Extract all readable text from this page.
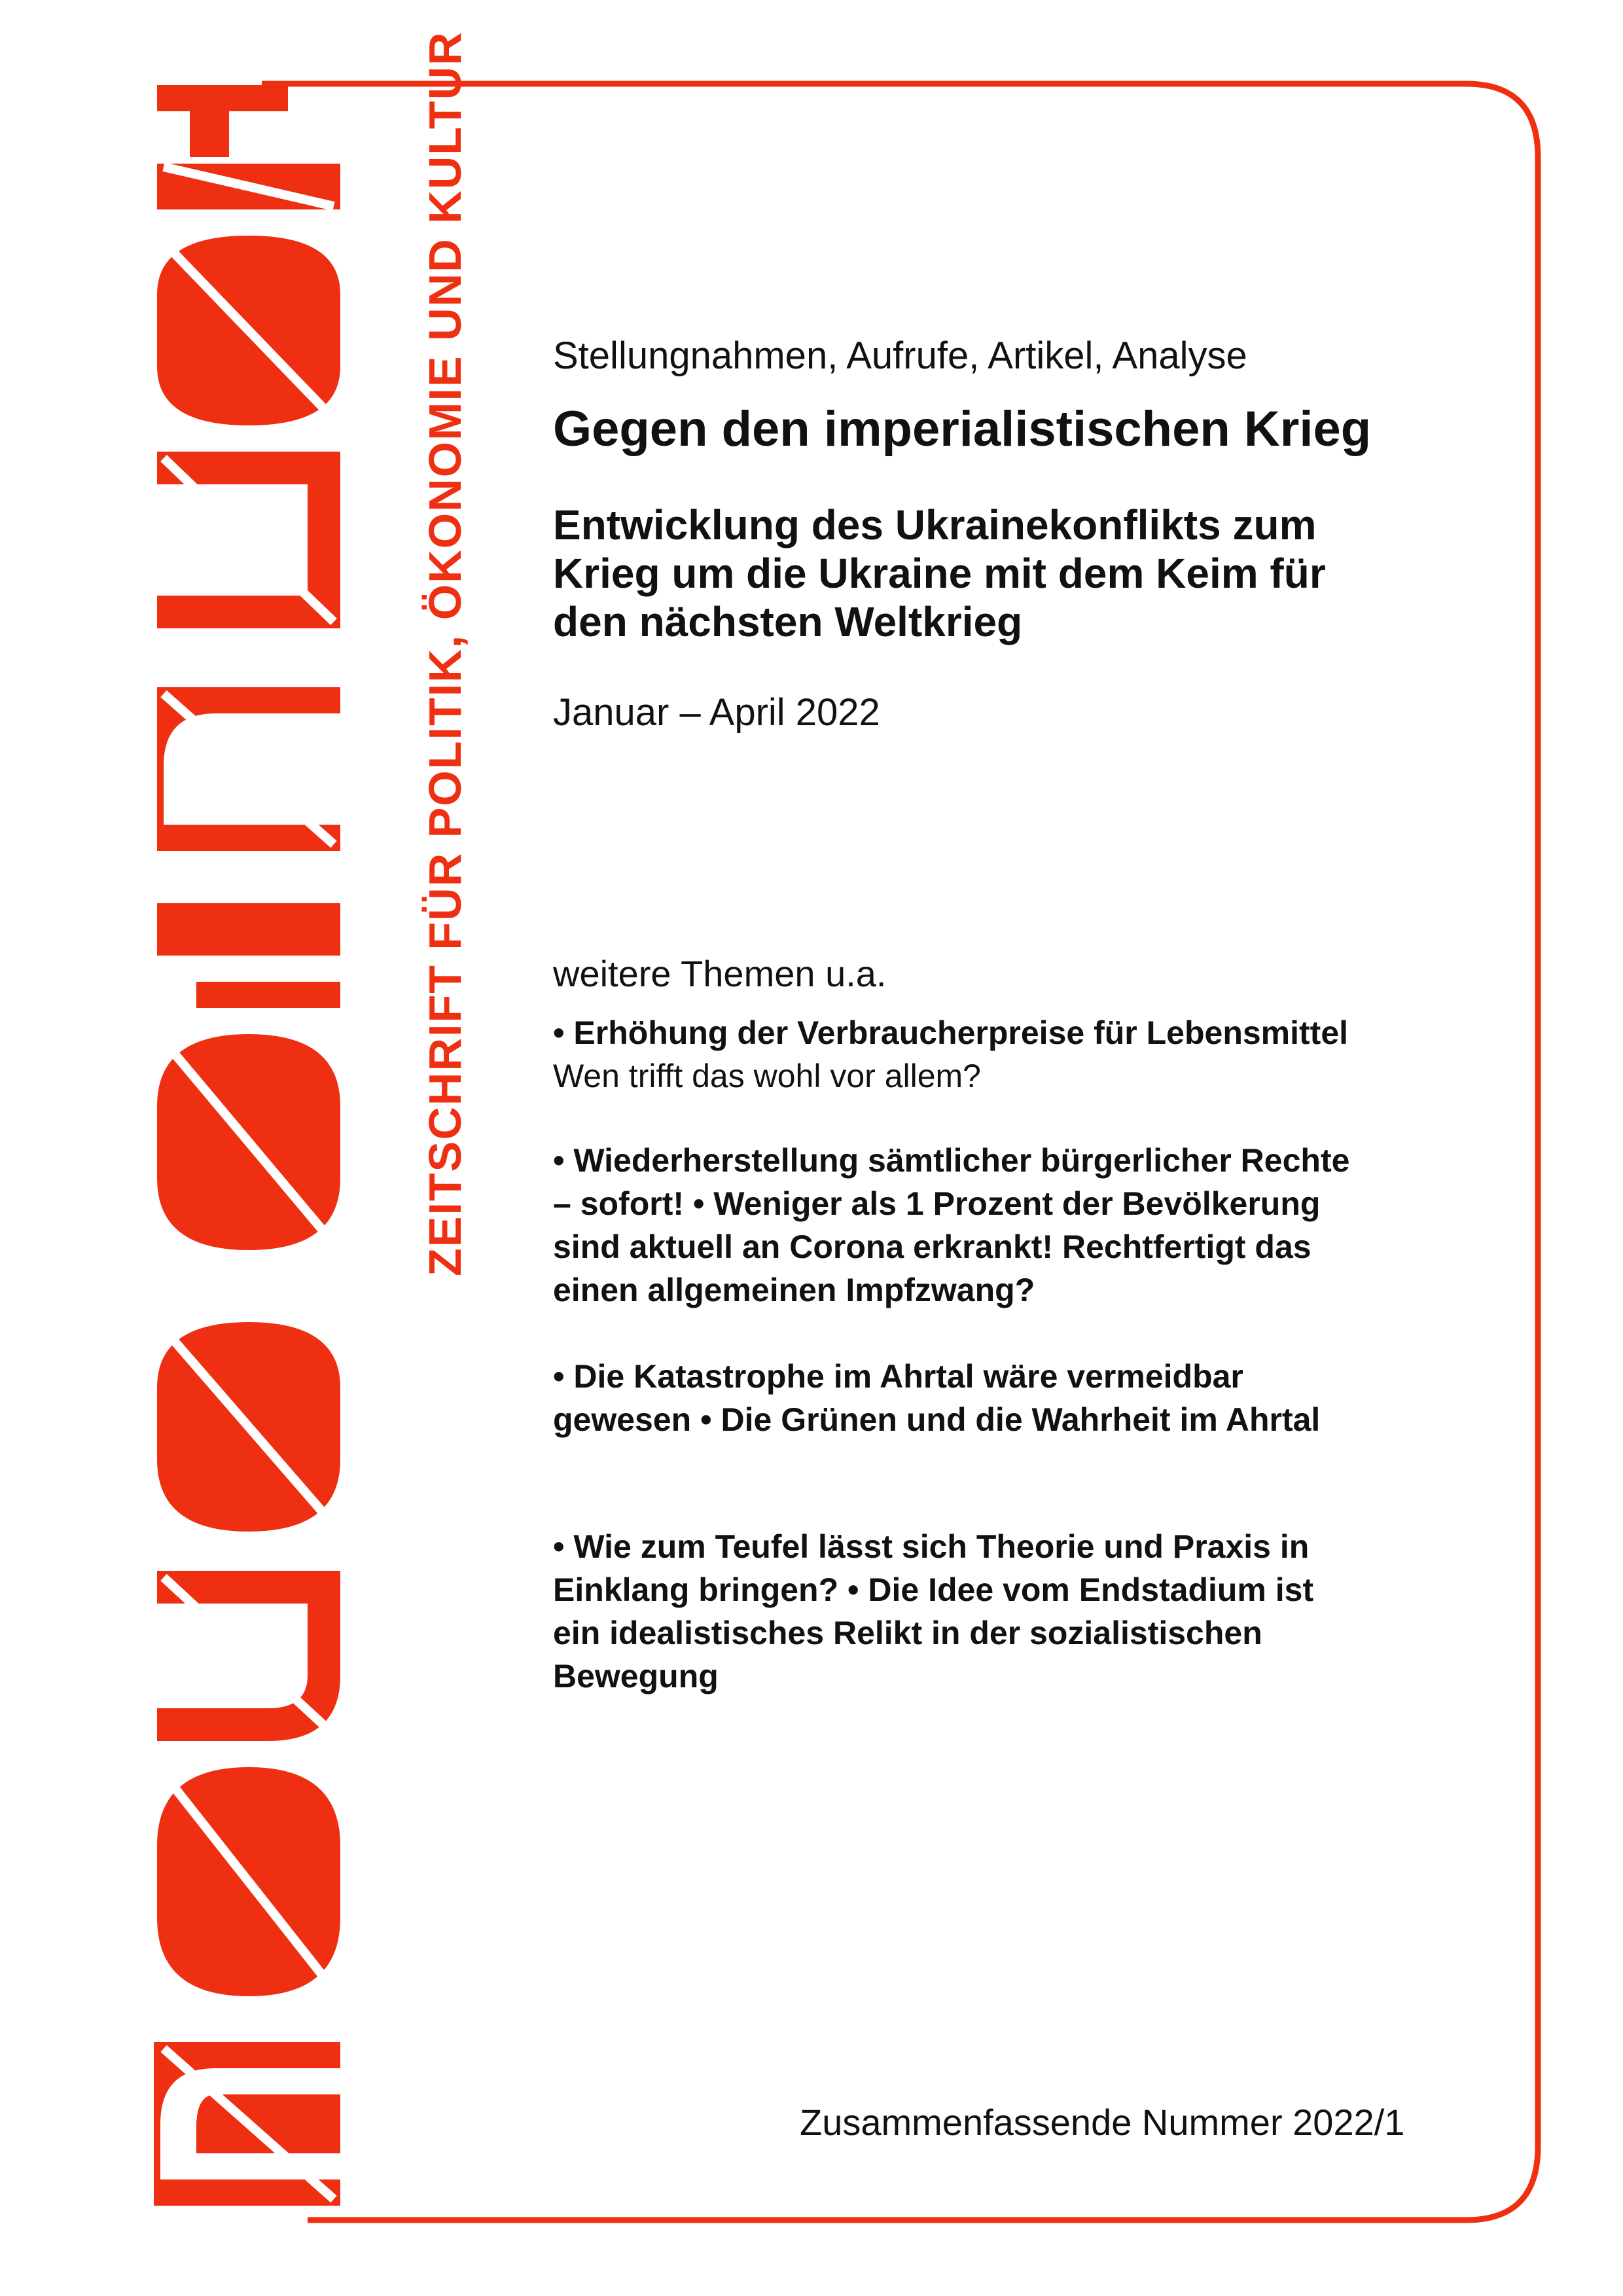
ZEITSCHRIFT FÜR POLITIK, ÖKONOMIE UND KULTUR Stellungnahmen, Aufrufe, Artikel, Analyse
Gegen den imperialistischen Krieg
Entwicklung des Ukrainekonflikts zum
Krieg um die Ukraine mit dem Keim für
den nächsten Weltkrieg
Januar – April 2022
weitere Themen u.a.
• Erhöhung der Verbraucherpreise für Lebensmittel
Wen trifft das wohl vor allem?
• Wiederherstellung sämtlicher bürgerlicher Rechte
– sofort! • Weniger als 1 Prozent der Bevölkerung
sind aktuell an Corona erkrankt! Rechtfertigt das
einen allgemeinen Impfzwang?
• Die Katastrophe im Ahrtal wäre vermeidbar
gewesen • Die Grünen und die Wahrheit im Ahrtal
• Wie zum Teufel lässt sich Theorie und Praxis in
Einklang bringen? • Die Idee vom Endstadium ist
ein idealistisches Relikt in der sozialistischen
Bewegung
Zusammenfassende Nummer 2022/1
